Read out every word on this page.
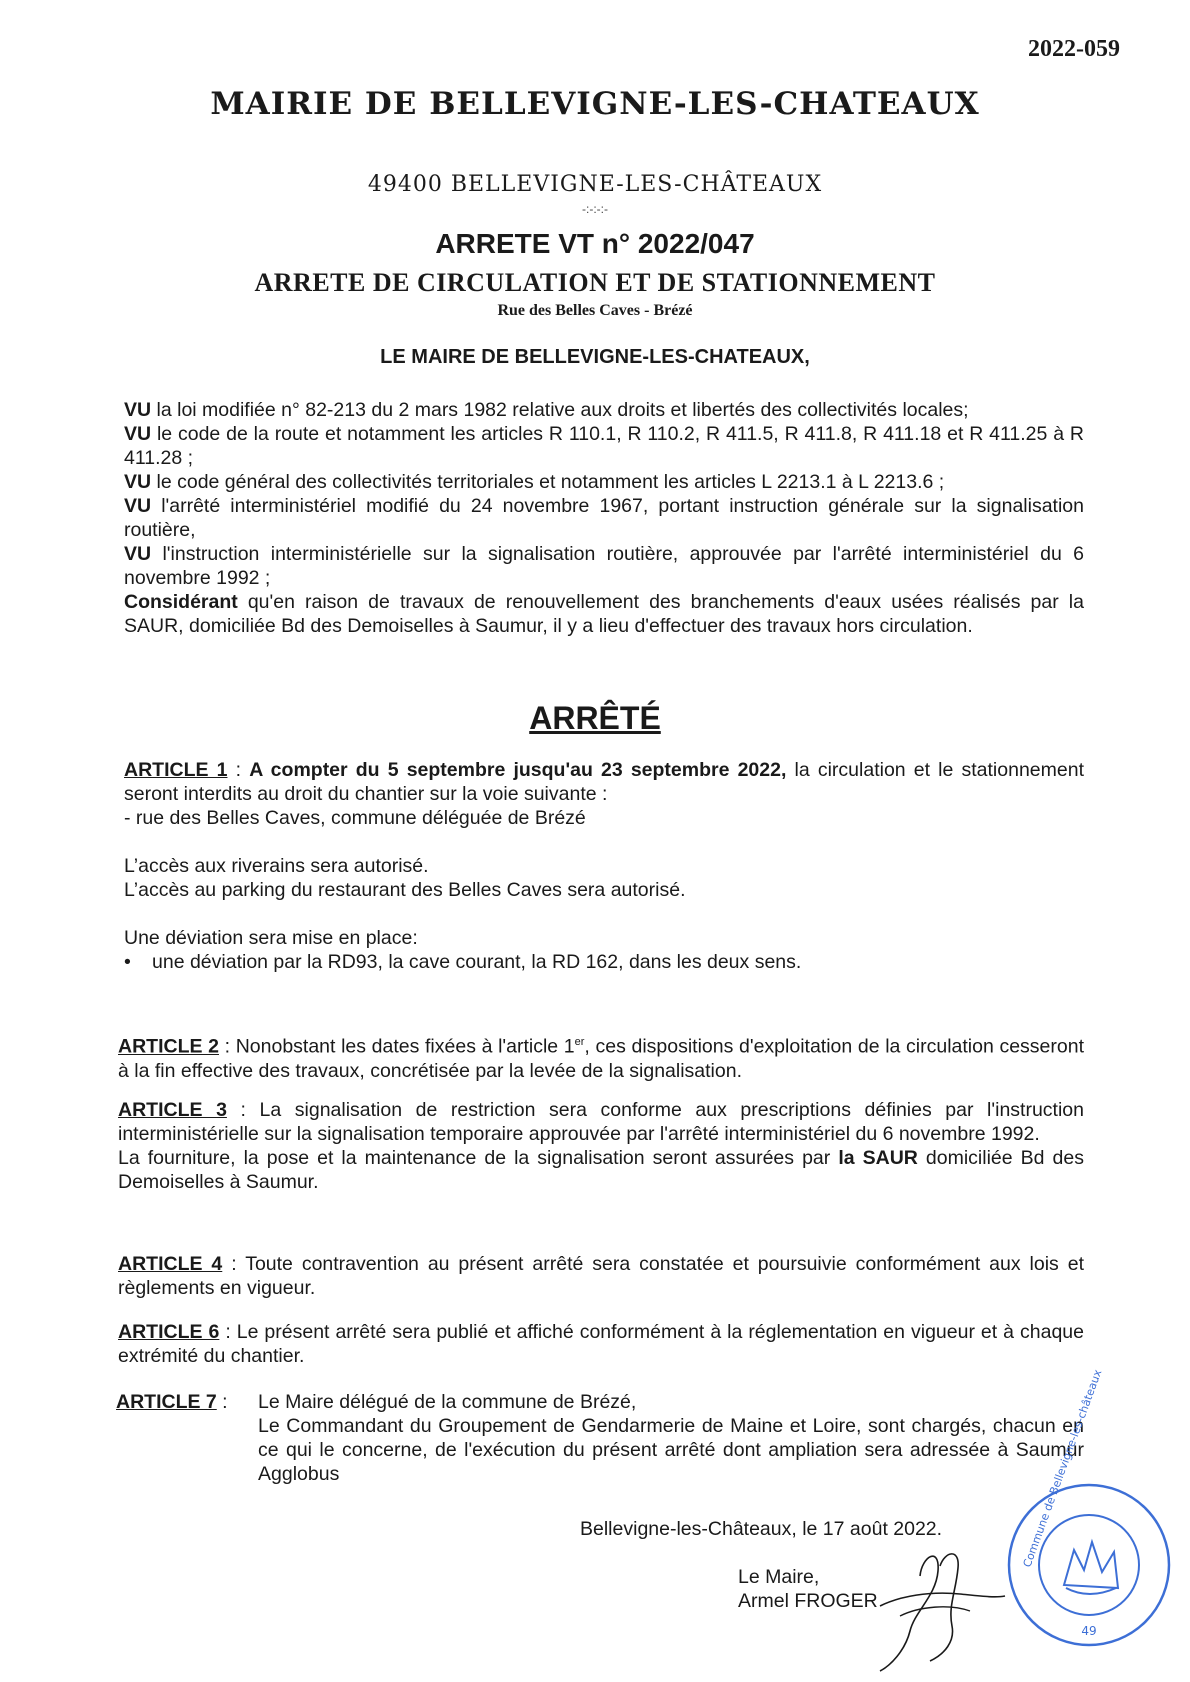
2022-059
MAIRIE DE BELLEVIGNE-LES-CHATEAUX
49400 BELLEVIGNE-LES-CHÂTEAUX
-:-:-:-
ARRETE VT n° 2022/047
ARRETE DE CIRCULATION ET DE STATIONNEMENT
Rue des Belles Caves - Brézé
LE MAIRE DE BELLEVIGNE-LES-CHATEAUX,

VU la loi modifiée n° 82-213 du 2 mars 1982 relative aux droits et libertés des collectivités locales;

VU le code de la route et notamment les articles R 110.1, R 110.2, R 411.5, R 411.8, R 411.18 et R 411.25 à R 411.28 ;

VU le code général des collectivités territoriales et notamment les articles L 2213.1 à L 2213.6 ;

VU l'arrêté interministériel modifié du 24 novembre 1967, portant instruction générale sur la signalisation routière,

VU l'instruction interministérielle sur la signalisation routière, approuvée par l'arrêté interministériel du 6 novembre 1992 ;

Considérant qu'en raison de travaux de renouvellement des branchements d'eaux usées réalisés par la SAUR, domiciliée Bd des Demoiselles à Saumur, il y a lieu d'effectuer des travaux hors circulation.

ARRÊTÉ

ARTICLE 1 : A compter du 5 septembre jusqu'au 23 septembre 2022, la circulation et le stationnement seront interdits au droit du chantier sur la voie suivante :

- rue des Belles Caves, commune déléguée de Brézé

L’accès aux riverains sera autorisé.

L’accès au parking du restaurant des Belles Caves sera autorisé.

Une déviation sera mise en place:

• une déviation par la RD93, la cave courant, la RD 162, dans les deux sens.

ARTICLE 2 : Nonobstant les dates fixées à l'article 1er, ces dispositions d'exploitation de la circulation cesseront à la fin effective des travaux, concrétisée par la levée de la signalisation.

ARTICLE 3 : La signalisation de restriction sera conforme aux prescriptions définies par l'instruction interministérielle sur la signalisation temporaire approuvée par l'arrêté interministériel du 6 novembre 1992.

La fourniture, la pose et la maintenance de la signalisation seront assurées par la SAUR domiciliée Bd des Demoiselles à Saumur.

ARTICLE 4 : Toute contravention au présent arrêté sera constatée et poursuivie conformément aux lois et règlements en vigueur.

ARTICLE 6 : Le présent arrêté sera publié et affiché conformément à la réglementation en vigueur et à chaque extrémité du chantier.

ARTICLE 7 : Le Maire délégué de la commune de Brézé,

Le Commandant du Groupement de Gendarmerie de Maine et Loire, sont chargés, chacun en ce qui le concerne, de l'exécution du présent arrêté dont ampliation sera adressée à Saumur Agglobus

Bellevigne-les-Châteaux, le 17 août 2022.
Le Maire,
Armel FROGER
49
Commune de Bellevigne-les-châteaux
